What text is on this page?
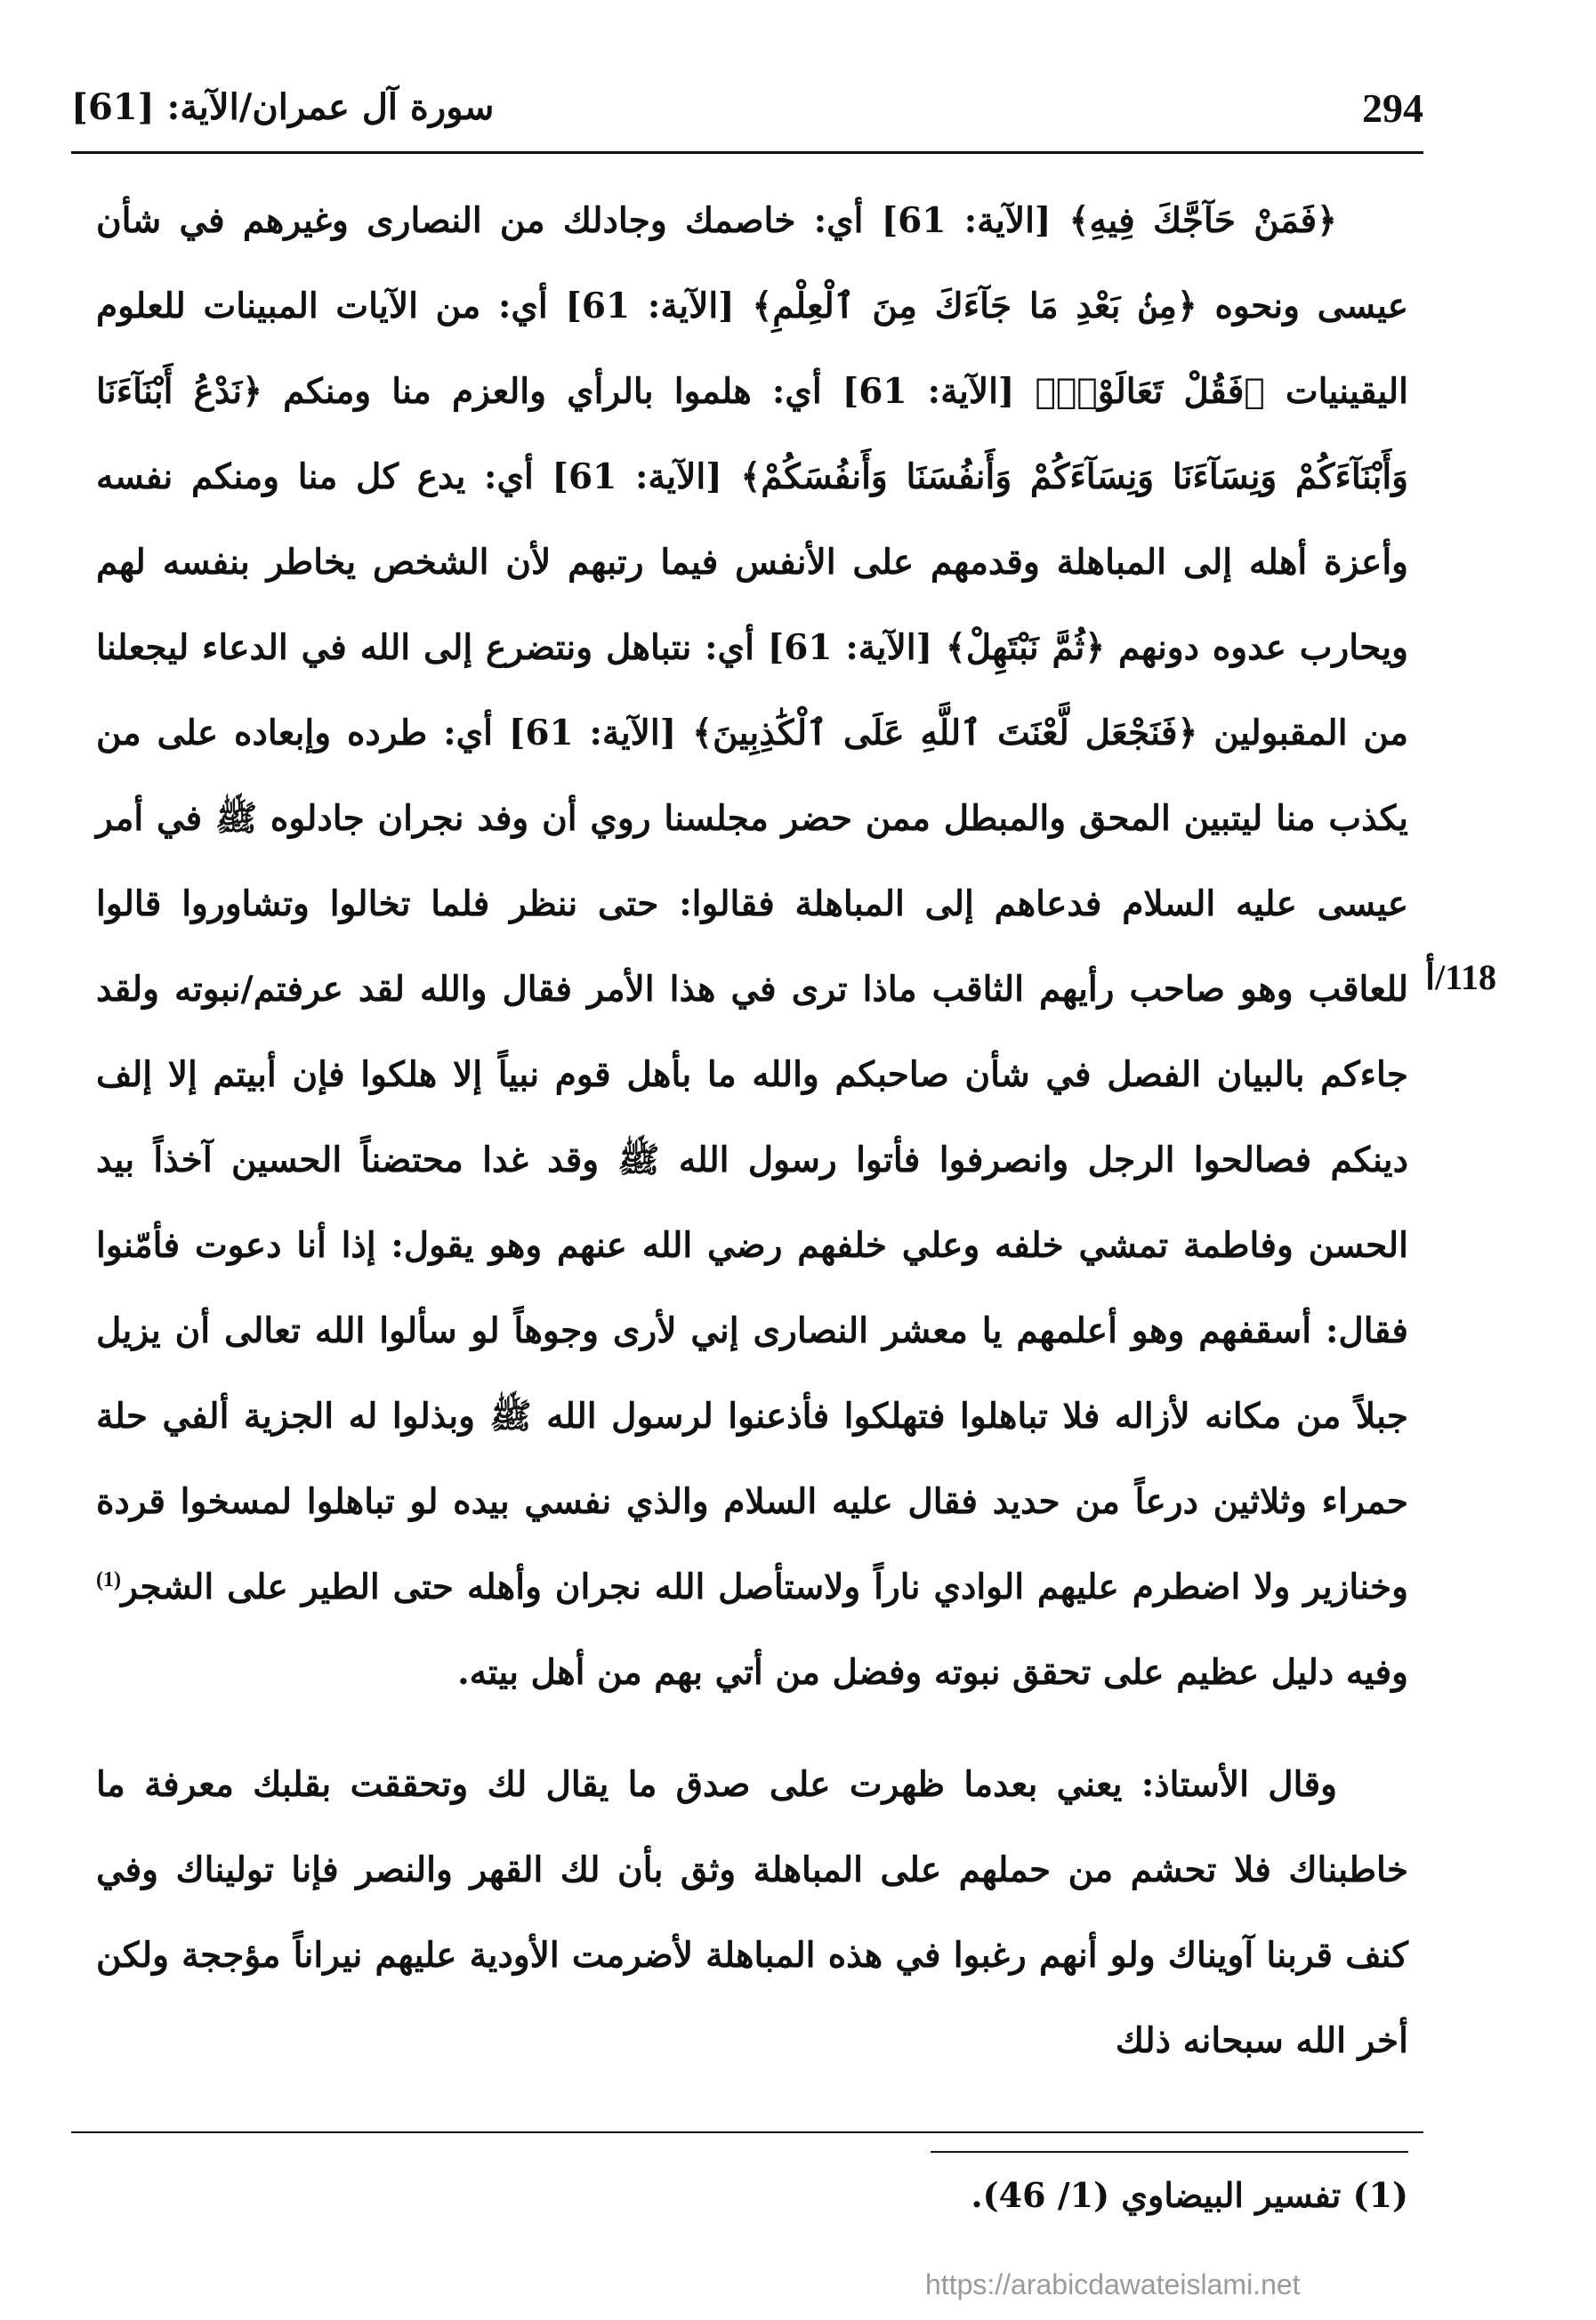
294
سورة آل عمران/الآية: [61]
118/أ

﴿فَمَنْ حَآجَّكَ فِيهِ﴾ [الآية: 61] أي: خاصمك وجادلك من النصارى وغيرهم في شأن عيسى ونحوه ﴿مِنۢ بَعْدِ مَا جَآءَكَ مِنَ ٱلْعِلْمِ﴾ [الآية: 61] أي: من الآيات المبينات للعلوم اليقينيات ﴿فَقُلْ تَعَالَوْا۟﴾ [الآية: 61] أي: هلموا بالرأي والعزم منا ومنكم ﴿نَدْعُ أَبْنَآءَنَا وَأَبْنَآءَكُمْ وَنِسَآءَنَا وَنِسَآءَكُمْ وَأَنفُسَنَا وَأَنفُسَكُمْ﴾ [الآية: 61] أي: يدع كل منا ومنكم نفسه وأعزة أهله إلى المباهلة وقدمهم على الأنفس فيما رتبهم لأن الشخص يخاطر بنفسه لهم ويحارب عدوه دونهم ﴿ثُمَّ نَبْتَهِلْ﴾ [الآية: 61] أي: نتباهل ونتضرع إلى الله في الدعاء ليجعلنا من المقبولين ﴿فَنَجْعَل لَّعْنَتَ ٱللَّهِ عَلَى ٱلْكَٰذِبِينَ﴾ [الآية: 61] أي: طرده وإبعاده على من يكذب منا ليتبين المحق والمبطل ممن حضر مجلسنا روي أن وفد نجران جادلوه ﷺ في أمر عيسى عليه السلام فدعاهم إلى المباهلة فقالوا: حتى ننظر فلما تخالوا وتشاوروا قالوا للعاقب وهو صاحب رأيهم الثاقب ماذا ترى في هذا الأمر فقال والله لقد عرفتم/نبوته ولقد جاءكم بالبيان الفصل في شأن صاحبكم والله ما بأهل قوم نبياً إلا هلكوا فإن أبيتم إلا إلف دينكم فصالحوا الرجل وانصرفوا فأتوا رسول الله ﷺ وقد غدا محتضناً الحسين آخذاً بيد الحسن وفاطمة تمشي خلفه وعلي خلفهم رضي الله عنهم وهو يقول: إذا أنا دعوت فأمّنوا فقال: أسقفهم وهو أعلمهم يا معشر النصارى إني لأرى وجوهاً لو سألوا الله تعالى أن يزيل جبلاً من مكانه لأزاله فلا تباهلوا فتهلكوا فأذعنوا لرسول الله ﷺ وبذلوا له الجزية ألفي حلة حمراء وثلاثين درعاً من حديد فقال عليه السلام والذي نفسي بيده لو تباهلوا لمسخوا قردة وخنازير ولا اضطرم عليهم الوادي ناراً ولاستأصل الله نجران وأهله حتى الطير على الشجر$^{(1)}$ وفيه دليل عظيم على تحقق نبوته وفضل من أتي بهم من أهل بيته.

وقال الأستاذ: يعني بعدما ظهرت على صدق ما يقال لك وتحققت بقلبك معرفة ما خاطبناك فلا تحشم من حملهم على المباهلة وثق بأن لك القهر والنصر فإنا توليناك وفي كنف قربنا آويناك ولو أنهم رغبوا في هذه المباهلة لأضرمت الأودية عليهم نيراناً مؤججة ولكن أخر الله سبحانه ذلك

(1) تفسير البيضاوي (1/ 46).
https://arabicdawateislami.net
